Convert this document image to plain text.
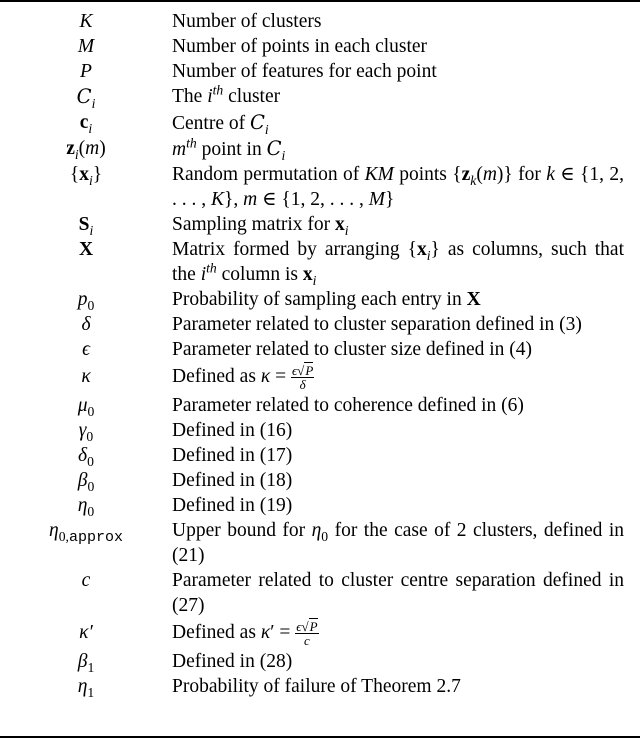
K	Number of clusters
M	Number of points in each cluster
P	Number of features for each point
$C_i$	The $i^{th}$ cluster
$c_i$	Centre of $C_i$
$z_i(m)$	$m^{th}$ point in $C_i$
$\{x_i\}$	Random permutation of KM points $\{z_k(m)\}$ for k ∈ {1, 2, . . . , K}, m ∈ {1, 2, . . . , M}
$S_i$	Sampling matrix for $x_i$
X	Matrix formed by arranging $\{x_i\}$ as columns, such that the $i^{th}$ column is $x_i$
$p_0$	Probability of sampling each entry in X
δ	Parameter related to cluster separation defined in (3)
ϵ	Parameter related to cluster size defined in (4)
κ	Defined as $\kappa = \frac{\epsilon√P}{\delta}$

$\mu_0$	Parameter related to coherence defined in (6)
$\gamma_0$	Defined in (16)
$\delta_0$	Defined in (17)
$\beta_0$	Defined in (18)
$\eta_0$	Defined in (19)
$\eta_{0,approx}$	Upper bound for $\eta_0$ for the case of 2 clusters, defined in (21)
c	Parameter related to cluster centre separation defined in (27)
κ′	Defined as $\kappa' = \frac{\epsilon√P}{c}$

$\beta_1$	Defined in (28)
$\eta_1$	Probability of failure of Theorem 2.7
